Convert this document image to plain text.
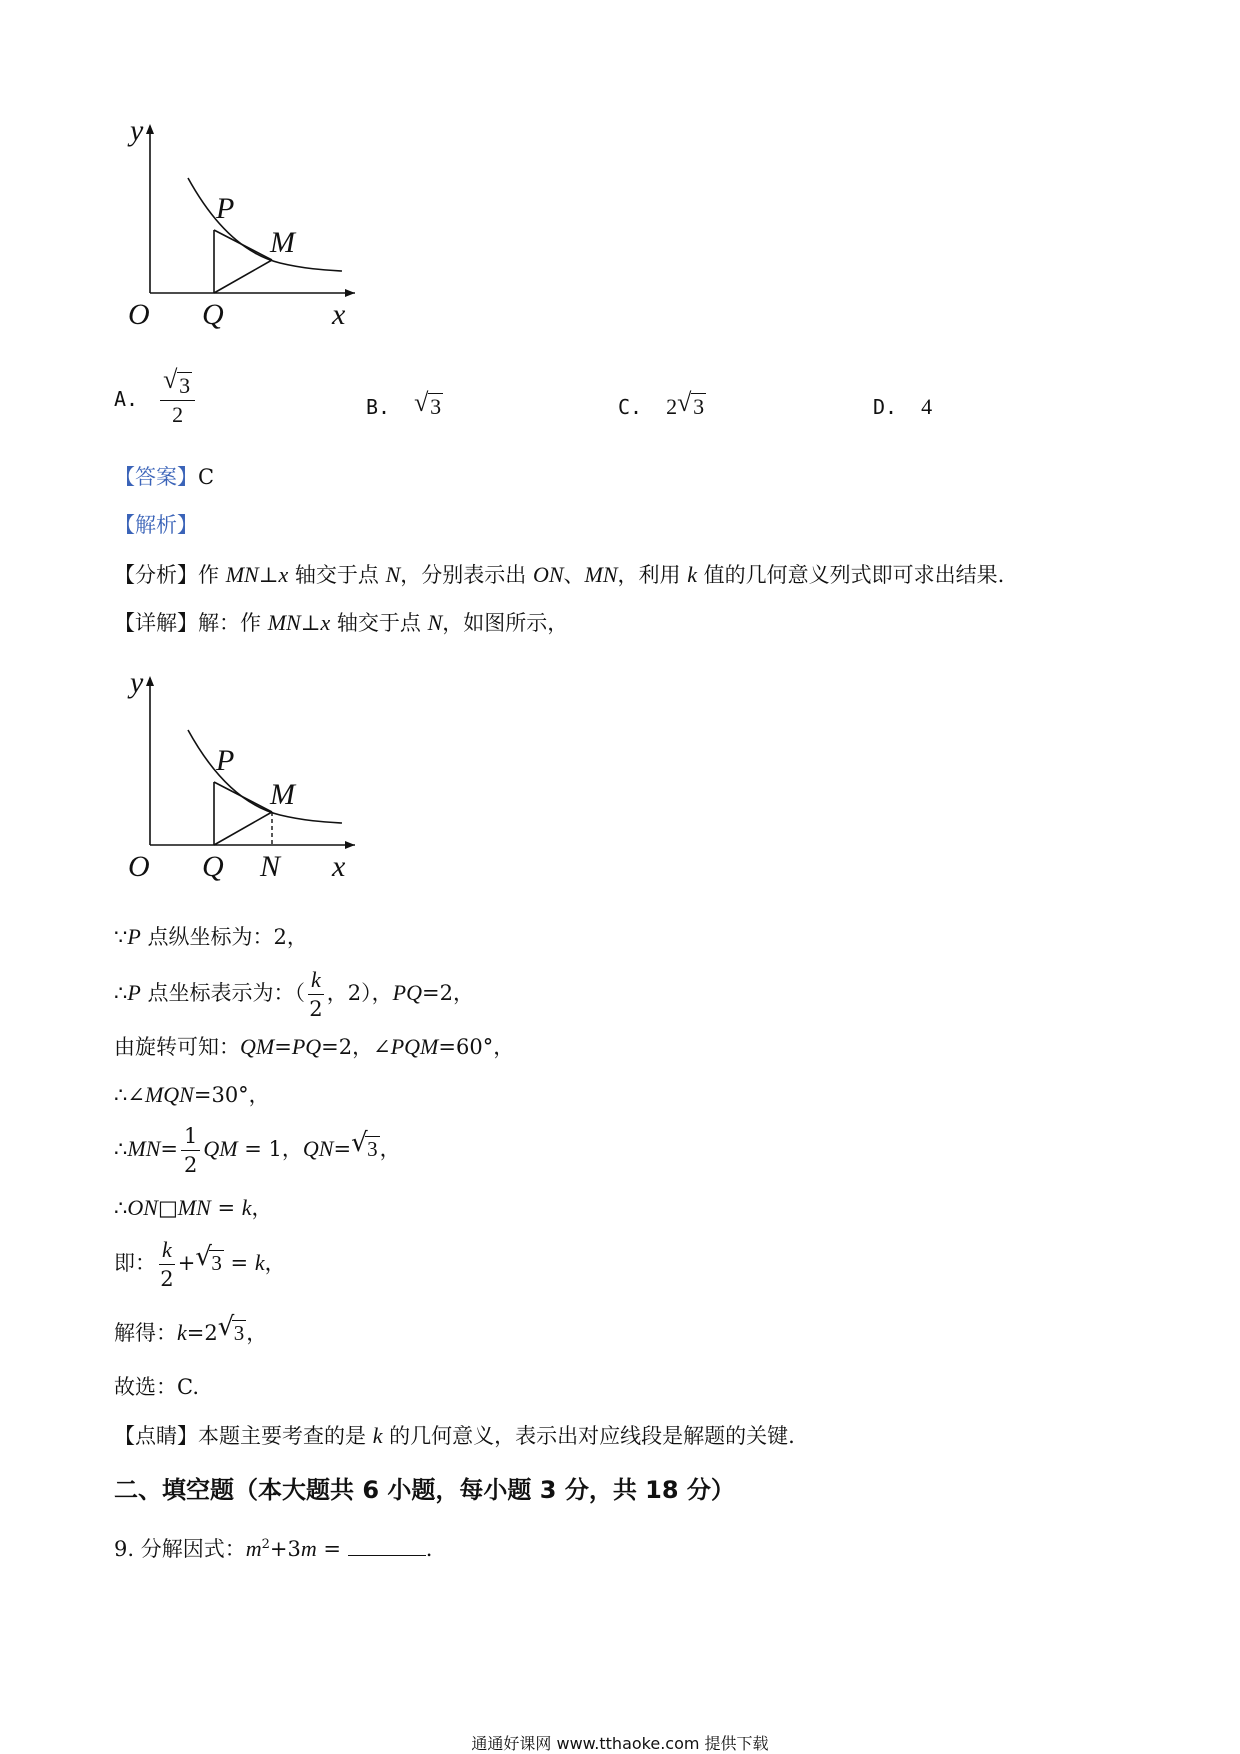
y
x
O Q
P
M
A. $\frac{√ 3}{2}$	B. √ 3	C. 2 √ 3	D. 4
【答案】C
【解析】
【分析】作 MN⊥x 轴交于点 N，分别表示出 ON、MN，利用 k 值的几何意义列式即可求出结果.
【详解】解：作 MN⊥x 轴交于点 N，如图所示，
y
x
O Q N
P
M
∵P 点纵坐标为：2，
∴P 点坐标表示为：（ $\frac{k}{2}$ ，2），PQ=2，
由旋转可知：QM=PQ=2，∠PQM=60°，
∴∠MQN=30°，
∴MN= $\frac{1}{2}$ QM = 1，QN= √ 3，
∴ON□MN = k，
即： $\frac{k}{2}$ + √ 3 = k，
解得：k=2 √ 3，
故选：C.
【点睛】本题主要考查的是 k 的几何意义，表示出对应线段是解题的关键.
二、填空题（本大题共 6 小题，每小题 3 分，共 18 分）
9. 分解因式：$m^2+3m$ =	.
通通好课网 www.tthaoke.com 提供下载
